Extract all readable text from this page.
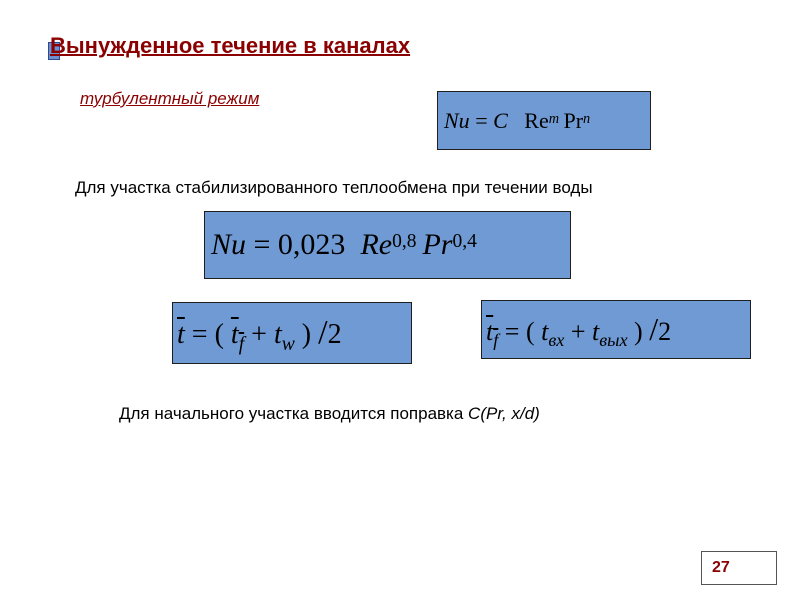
Вынужденное течение в каналах
турбулентный режим
Nu = C   Re$^m$ Pr$^n$
Для участка стабилизированного теплообмена при течении воды
Nu = 0,023  Re$^{0,8}$  Pr$^{0,4}$
$\overline{t}$ = ( $t_f + t_w$ ) /2	$t_f$ = ( $t_{вх} + t_{вых}$ ) /2
Для начального участка вводится поправка C(Pr, x/d)
27
